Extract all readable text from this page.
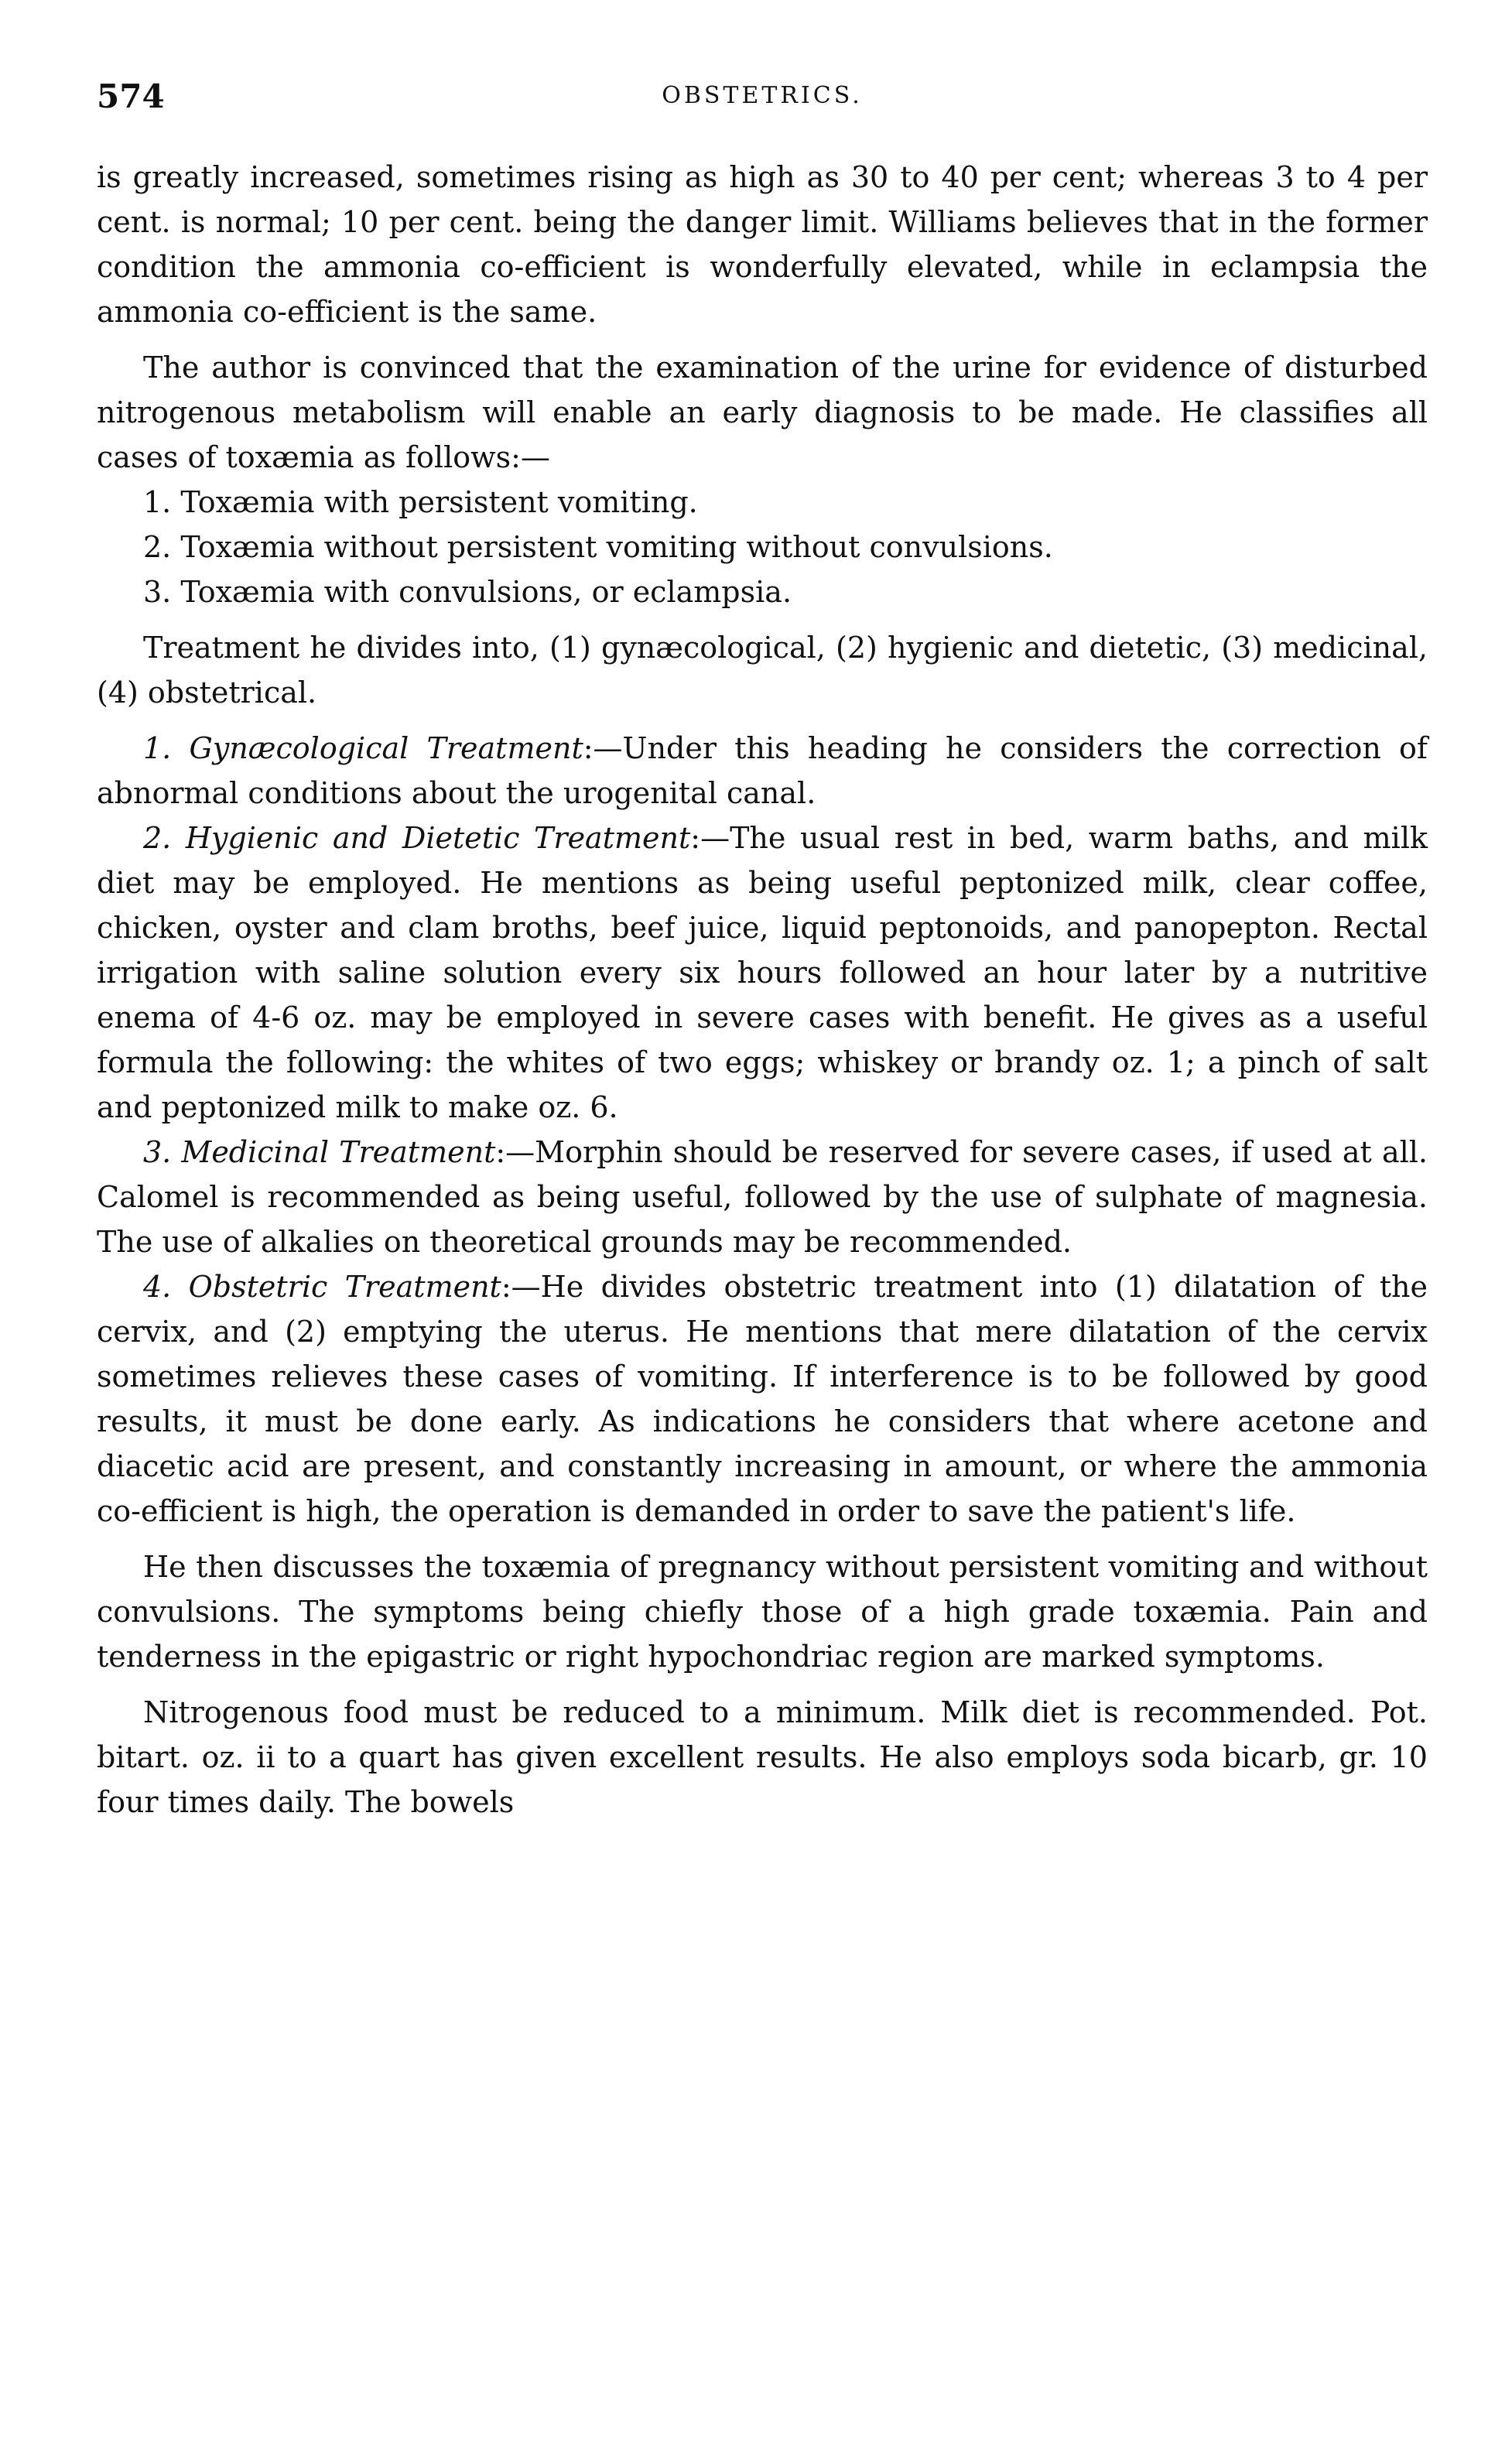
574	OBSTETRICS.

is greatly increased, sometimes rising as high as 30 to 40 per cent; whereas 3 to 4 per cent. is normal; 10 per cent. being the danger limit. Williams believes that in the former condition the ammonia co-efficient is wonderfully elevated, while in eclampsia the ammonia co-efficient is the same.

The author is convinced that the examination of the urine for evidence of disturbed nitrogenous metabolism will enable an early diagnosis to be made. He classifies all cases of toxæmia as follows:—

1. Toxæmia with persistent vomiting.

2. Toxæmia without persistent vomiting without convulsions.

3. Toxæmia with convulsions, or eclampsia.

Treatment he divides into, (1) gynæcological, (2) hygienic and dietetic, (3) medicinal, (4) obstetrical.

1. Gynæcological Treatment:—Under this heading he considers the correction of abnormal conditions about the urogenital canal.

2. Hygienic and Dietetic Treatment:—The usual rest in bed, warm baths, and milk diet may be employed. He mentions as being useful peptonized milk, clear coffee, chicken, oyster and clam broths, beef juice, liquid peptonoids, and panopepton. Rectal irrigation with saline solution every six hours followed an hour later by a nutritive enema of 4-6 oz. may be employed in severe cases with benefit. He gives as a useful formula the following: the whites of two eggs; whiskey or brandy oz. 1; a pinch of salt and peptonized milk to make oz. 6.

3. Medicinal Treatment:—Morphin should be reserved for severe cases, if used at all. Calomel is recommended as being useful, followed by the use of sulphate of magnesia. The use of alkalies on theoretical grounds may be recommended.

4. Obstetric Treatment:—He divides obstetric treatment into (1) dilatation of the cervix, and (2) emptying the uterus. He mentions that mere dilatation of the cervix sometimes relieves these cases of vomiting. If interference is to be followed by good results, it must be done early. As indications he considers that where acetone and diacetic acid are present, and constantly increasing in amount, or where the ammonia co-efficient is high, the operation is demanded in order to save the patient's life.

He then discusses the toxæmia of pregnancy without persistent vomiting and without convulsions. The symptoms being chiefly those of a high grade toxæmia. Pain and tenderness in the epigastric or right hypochondriac region are marked symptoms.

Nitrogenous food must be reduced to a minimum. Milk diet is recommended. Pot. bitart. oz. ii to a quart has given excellent results. He also employs soda bicarb, gr. 10 four times daily. The bowels
